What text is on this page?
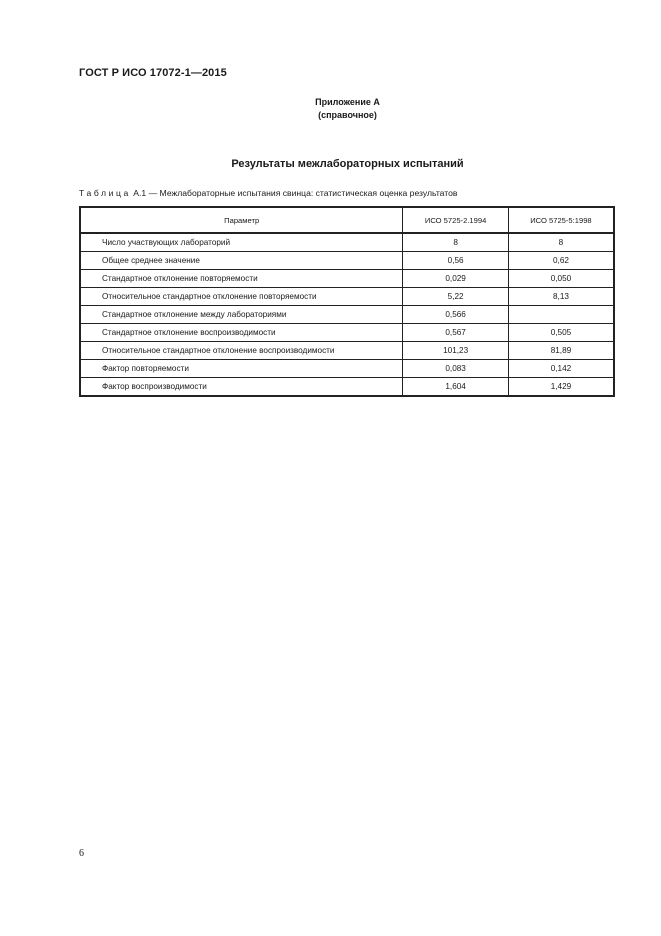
ГОСТ Р ИСО 17072-1—2015
Приложение А
(справочное)
Результаты межлабораторных испытаний
Таблица А.1 — Межлабораторные испытания свинца: статистическая оценка результатов
Параметр	ИСО 5725-2.1994	ИСО 5725-5:1998
Число участвующих лабораторий	8	8
Общее среднее значение	0,56	0,62
Стандартное отклонение повторяемости	0,029	0,050
Относительное стандартное отклонение повторяемости	5,22	8,13
Стандартное отклонение между лабораториями	0,566	
Стандартное отклонение воспроизводимости	0,567	0,505
Относительное стандартное отклонение воспроизводимости	101,23	81,89
Фактор повторяемости	0,083	0,142
Фактор воспроизводимости	1,604	1,429
6
